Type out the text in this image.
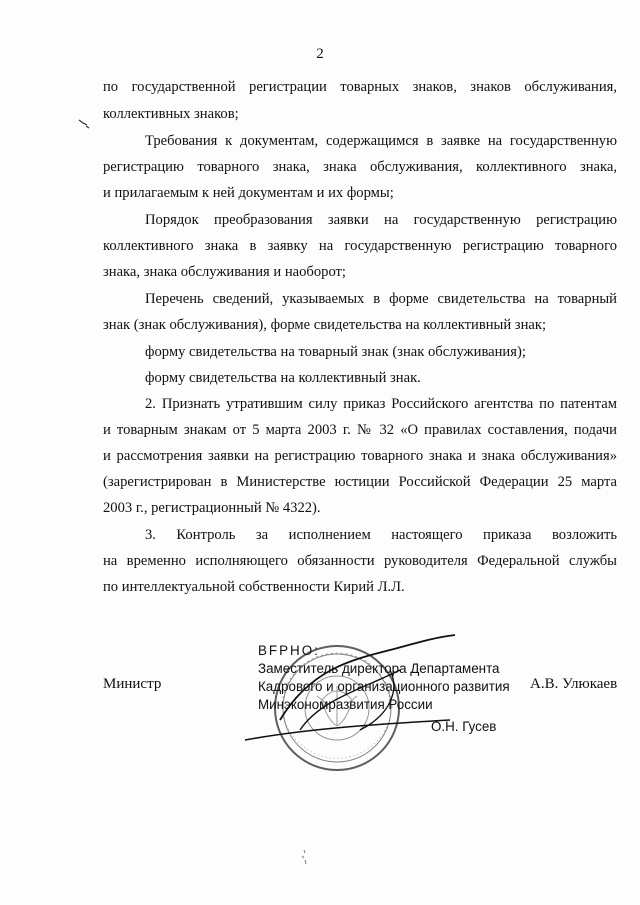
2
по государственной регистрации товарных знаков, знаков обслуживания,
коллективных знаков;
Требования к документам, содержащимся в заявке на государственную
регистрацию товарного знака, знака обслуживания, коллективного знака,
и прилагаемым к ней документам и их формы;
Порядок преобразования заявки на государственную регистрацию
коллективного знака в заявку на государственную регистрацию товарного
знака, знака обслуживания и наоборот;
Перечень сведений, указываемых в форме свидетельства на товарный
знак (знак обслуживания), форме свидетельства на коллективный знак;
форму свидетельства на товарный знак (знак обслуживания);
форму свидетельства на коллективный знак.
2. Признать утратившим силу приказ Российского агентства по патентам
и товарным знакам от 5 марта 2003 г. № 32 «О правилах составления, подачи
и рассмотрения заявки на регистрацию товарного знака и знака обслуживания»
(зарегистрирован в Министерстве юстиции Российской Федерации 25 марта
2003 г., регистрационный № 4322).
3. Контроль за исполнением настоящего приказа возложить
на временно исполняющего обязанности руководителя Федеральной службы
по интеллектуальной собственности Кирий Л.Л.
Министр	А.В. Улюкаев
ВFРНО:
Заместитель директора Департамента
Кадрового и организационного развития
Минэкономразвития России
О.Н. Гусев
